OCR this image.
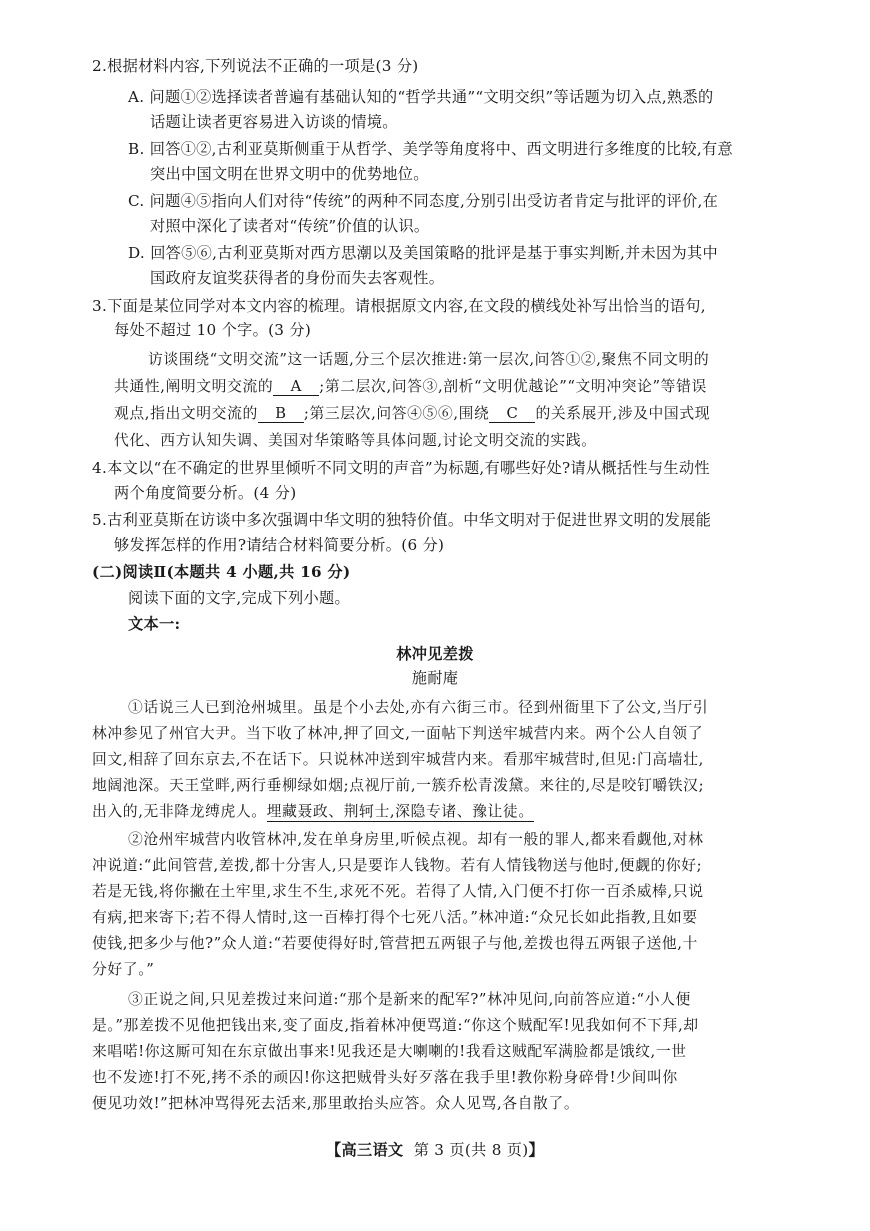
2.根据材料内容,下列说法不正确的一项是(3 分)
A. 问题①②选择读者普遍有基础认知的“哲学共通”“文明交织”等话题为切入点,熟悉的
话题让读者更容易进入访谈的情境。
B. 回答①②,古利亚莫斯侧重于从哲学、美学等角度将中、西文明进行多维度的比较,有意
突出中国文明在世界文明中的优势地位。
C. 问题④⑤指向人们对待“传统”的两种不同态度,分别引出受访者肯定与批评的评价,在
对照中深化了读者对“传统”价值的认识。
D. 回答⑤⑥,古利亚莫斯对西方思潮以及美国策略的批评是基于事实判断,并未因为其中
国政府友谊奖获得者的身份而失去客观性。
3.下面是某位同学对本文内容的梳理。请根据原文内容,在文段的横线处补写出恰当的语句,
每处不超过 10 个字。(3 分)
访谈围绕“文明交流”这一话题,分三个层次推进:第一层次,问答①②,聚焦不同文明的
共通性,阐明文明交流的 A ;第二层次,问答③,剖析“文明优越论”“文明冲突论”等错误
观点,指出文明交流的 B ;第三层次,问答④⑤⑥,围绕 C 的关系展开,涉及中国式现
代化、西方认知失调、美国对华策略等具体问题,讨论文明交流的实践。
4.本文以“在不确定的世界里倾听不同文明的声音”为标题,有哪些好处?请从概括性与生动性
两个角度简要分析。(4 分)
5.古利亚莫斯在访谈中多次强调中华文明的独特价值。中华文明对于促进世界文明的发展能
够发挥怎样的作用?请结合材料简要分析。(6 分)
(二)阅读Ⅱ(本题共 4 小题,共 16 分)
阅读下面的文字,完成下列小题。
文本一:
林冲见差拨
施耐庵
①话说三人已到沧州城里。虽是个小去处,亦有六街三市。径到州衙里下了公文,当厅引
林冲参见了州官大尹。当下收了林冲,押了回文,一面帖下判送牢城营内来。两个公人自领了
回文,相辞了回东京去,不在话下。只说林冲送到牢城营内来。看那牢城营时,但见:门高墙壮,
地阔池深。天王堂畔,两行垂柳绿如烟;点视厅前,一簇乔松青泼黛。来往的,尽是咬钉嚼铁汉;
出入的,无非降龙缚虎人。埋藏聂政、荆轲士,深隐专诸、豫让徒。
②沧州牢城营内收管林冲,发在单身房里,听候点视。却有一般的罪人,都来看觑他,对林
冲说道:“此间管营,差拨,都十分害人,只是要诈人钱物。若有人情钱物送与他时,便觑的你好;
若是无钱,将你撇在土牢里,求生不生,求死不死。若得了人情,入门便不打你一百杀威棒,只说
有病,把来寄下;若不得人情时,这一百棒打得个七死八活。”林冲道:“众兄长如此指教,且如要
使钱,把多少与他?”众人道:“若要使得好时,管营把五两银子与他,差拨也得五两银子送他,十
分好了。”
③正说之间,只见差拨过来问道:“那个是新来的配军?”林冲见问,向前答应道:“小人便
是。”那差拨不见他把钱出来,变了面皮,指着林冲便骂道:“你这个贼配军!见我如何不下拜,却
来唱喏!你这厮可知在东京做出事来!见我还是大喇喇的!我看这贼配军满脸都是饿纹,一世
也不发迹!打不死,拷不杀的顽囚!你这把贼骨头好歹落在我手里!教你粉身碎骨!少间叫你
便见功效!”把林冲骂得死去活来,那里敢抬头应答。众人见骂,各自散了。
【高三语文 第 3 页(共 8 页)】
